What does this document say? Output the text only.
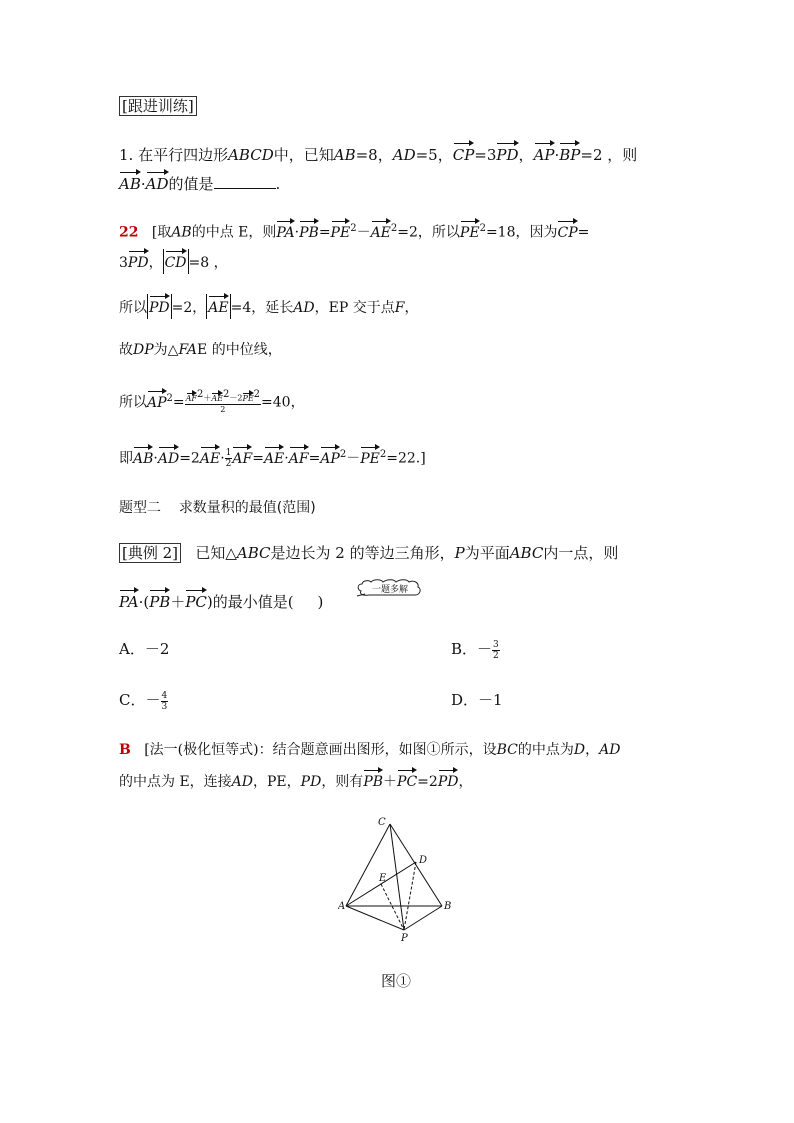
[跟进训练]
1. 在平行四边形ABCD中，已知AB=8，AD=5，CP=3PD，AP·BP=2 ，则
AB·AD的值是	.
22 [取AB的中点 E，则$PA\cdot PB=PE^2-AE^2=2$，所以$PE^2=18$，因为CP=
3PD， CD =8 ，
所以 PD =2， AE =4，延长AD，EP 交于点F，
故DP为△FAE 的中位线，
所以$AP^2= \frac{AF^2+AE^2-2PE^2}{2} =40$，
即$AB\cdot AD=2AE\cdot \frac{1}{2} AF=AE\cdot AF=AP^2-PE^2=22$.]
题型二 求数量积的最值(范围)
[典例 2] 已知△ABC是边长为 2 的等边三角形，P为平面ABC内一点，则
PA·(PB＋PC)的最小值是( )
一题多解
A．－2	B．－ $\frac{3}{2}$
C．－ $\frac{4}{3}$	D．－1
B [法一(极化恒等式)：结合题意画出图形，如图①所示，设BC的中点为D，AD
的中点为 E，连接AD，PE，PD，则有PB＋PC=2PD，
C
D
E
A	B
P
图①
